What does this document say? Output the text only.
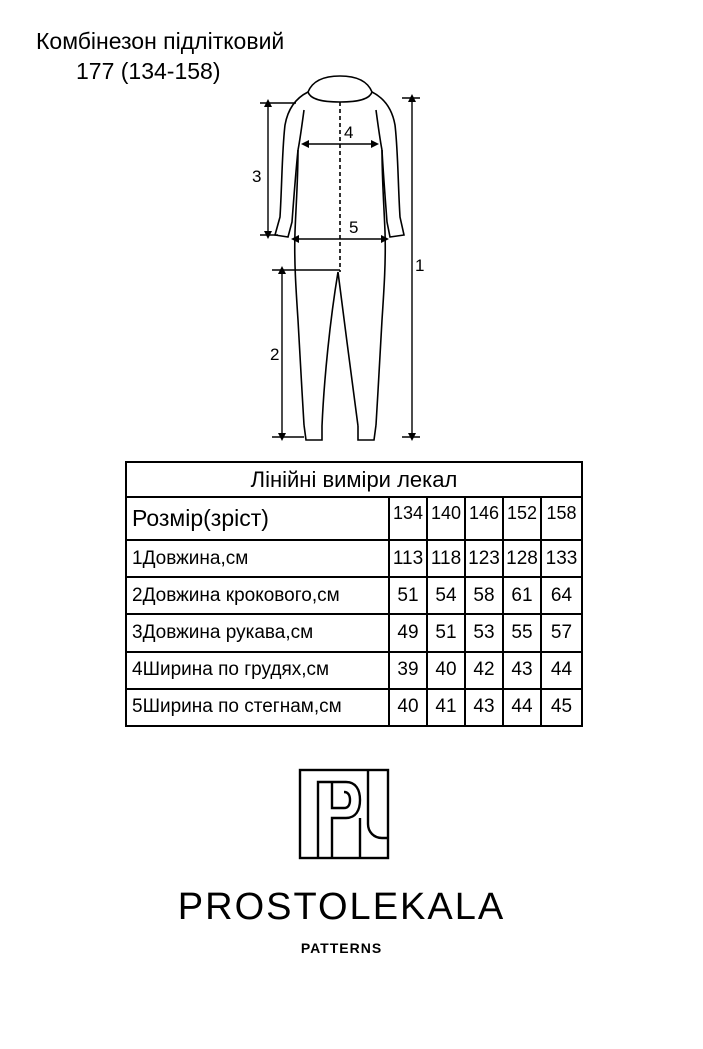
Комбінезон підлітковий
177 (134-158)
1
2
3
4
5
Лінійні виміри лекал					
Розмір(зріст)	134	140	146	152	158
1Довжина,см	113	118	123	128	133
2Довжина крокового,см	51	54	58	61	64
3Довжина рукава,см	49	51	53	55	57
4Ширина по грудях,см	39	40	42	43	44
5Ширина по стегнам,см	40	41	43	44	45
PROSTOLEKALA
PATTERNS
